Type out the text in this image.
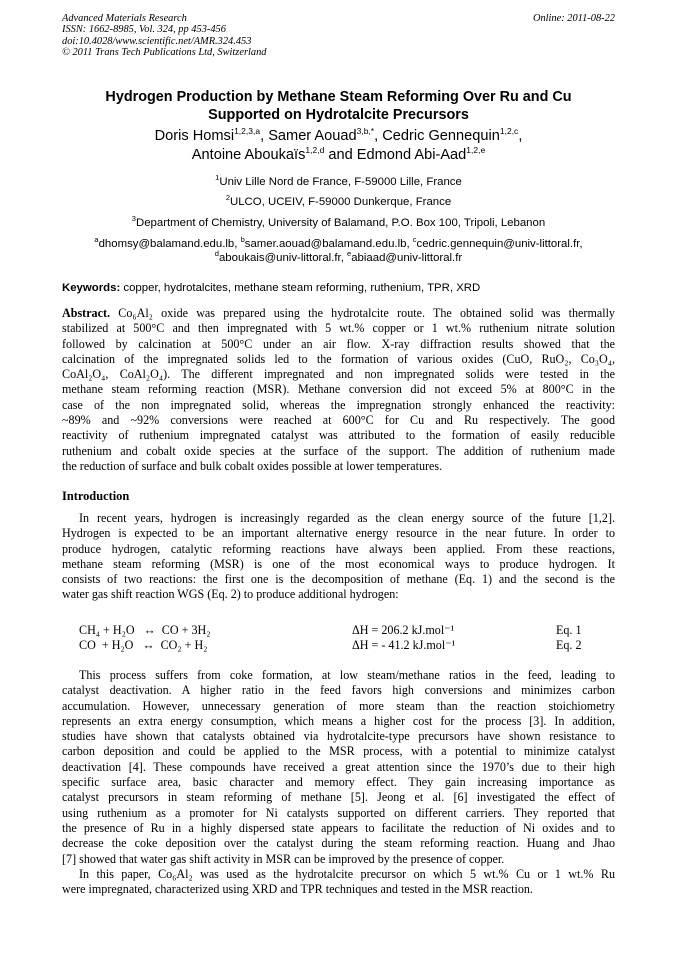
Advanced Materials Research
ISSN: 1662-8985, Vol. 324, pp 453-456
doi:10.4028/www.scientific.net/AMR.324.453
© 2011 Trans Tech Publications Ltd, Switzerland
Online: 2011-08-22
Hydrogen Production by Methane Steam Reforming Over Ru and Cu
Supported on Hydrotalcite Precursors
Doris Homsi$^{1,2,3,a}$, Samer Aouad$^{3,b,*}$, Cedric Gennequin$^{1,2,c}$,
Antoine Aboukaïs$^{1,2,d}$ and Edmond Abi-Aad$^{1,2,e}$
$^1$Univ Lille Nord de France, F-59000 Lille, France
$^2$ULCO, UCEIV, F-59000 Dunkerque, France
$^3$Department of Chemistry, University of Balamand, P.O. Box 100, Tripoli, Lebanon
$^a$dhomsy@balamand.edu.lb, $^b$samer.aouad@balamand.edu.lb, $^c$cedric.gennequin@univ-littoral.fr,
$^d$aboukais@univ-littoral.fr, $^e$abiaad@univ-littoral.fr
Keywords: copper, hydrotalcites, methane steam reforming, ruthenium, TPR, XRD
Abstract. Co₆Al₂ oxide was prepared using the hydrotalcite route. The obtained solid was thermally
stabilized at 500°C and then impregnated with 5 wt.% copper or 1 wt.% ruthenium nitrate solution
followed by calcination at 500°C under an air flow. X-ray diffraction results showed that the
calcination of the impregnated solids led to the formation of various oxides (CuO, RuO₂, Co₃O₄,
CoAl₂O₄, CoAl₂O₄). The different impregnated and non impregnated solids were tested in the
methane steam reforming reaction (MSR). Methane conversion did not exceed 5% at 800°C in the
case of the non impregnated solid, whereas the impregnation strongly enhanced the reactivity:
~89% and ~92% conversions were reached at 600°C for Cu and Ru respectively. The good
reactivity of ruthenium impregnated catalyst was attributed to the formation of easily reducible
ruthenium and cobalt oxide species at the surface of the support. The addition of ruthenium made
the reduction of surface and bulk cobalt oxides possible at lower temperatures.
Introduction
In recent years, hydrogen is increasingly regarded as the clean energy source of the future [1,2].
Hydrogen is expected to be an important alternative energy resource in the near future. In order to
produce hydrogen, catalytic reforming reactions have always been applied. From these reactions,
methane steam reforming (MSR) is one of the most economical ways to produce hydrogen. It
consists of two reactions: the first one is the decomposition of methane (Eq. 1) and the second is the
water gas shift reaction WGS (Eq. 2) to produce additional hydrogen:
CH₄ + H₂O   ↔  CO + 3H₂	ΔH = 206.2 kJ.mol⁻¹	Eq. 1
CO  + H₂O   ↔  CO₂ + H₂	ΔH = - 41.2 kJ.mol⁻¹	Eq. 2
This process suffers from coke formation, at low steam/methane ratios in the feed, leading to
catalyst deactivation. A higher ratio in the feed favors high conversions and minimizes carbon
accumulation. However, unnecessary generation of more steam than the reaction stoichiometry
represents an extra energy consumption, which means a higher cost for the process [3]. In addition,
studies have shown that catalysts obtained via hydrotalcite-type precursors have shown resistance to
carbon deposition and could be applied to the MSR process, with a potential to minimize catalyst
deactivation [4]. These compounds have received a great attention since the 1970’s due to their high
specific surface area, basic character and memory effect. They gain increasing importance as
catalyst precursors in steam reforming of methane [5]. Jeong et al. [6] investigated the effect of
using ruthenium as a promoter for Ni catalysts supported on different carriers. They reported that
the presence of Ru in a highly dispersed state appears to facilitate the reduction of Ni oxides and to
decrease the coke deposition over the catalyst during the steam reforming reaction. Huang and Jhao
[7] showed that water gas shift activity in MSR can be improved by the presence of copper.
In this paper, Co₆Al₂ was used as the hydrotalcite precursor on which 5 wt.% Cu or 1 wt.% Ru
were impregnated, characterized using XRD and TPR techniques and tested in the MSR reaction.
